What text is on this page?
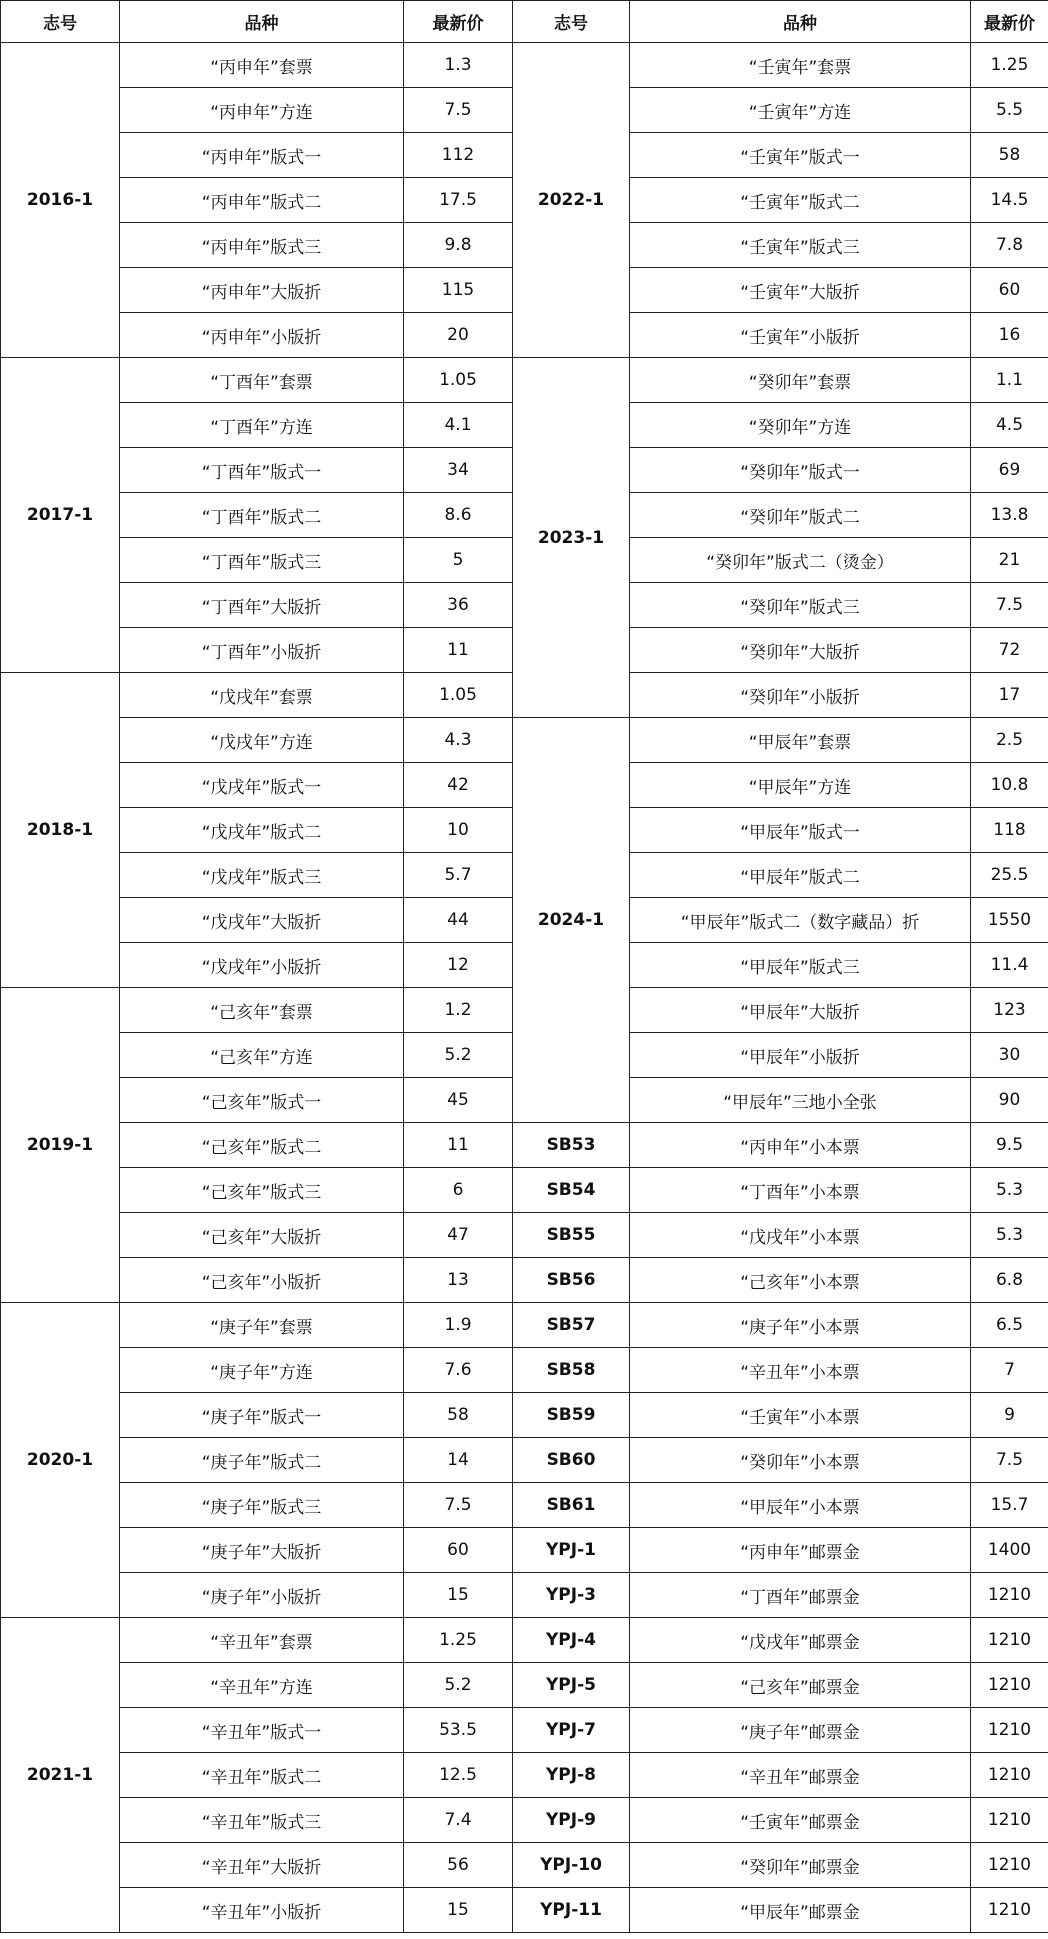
志号	品种	最新价	志号	品种	最新价
2016-1	“丙申年”套票	1.3	2022-1	“壬寅年”套票	1.25
	“丙申年”方连	7.5		“壬寅年”方连	5.5
	“丙申年”版式一	112		“壬寅年”版式一	58
	“丙申年”版式二	17.5		“壬寅年”版式二	14.5
	“丙申年”版式三	9.8		“壬寅年”版式三	7.8
	“丙申年”大版折	115		“壬寅年”大版折	60
	“丙申年”小版折	20		“壬寅年”小版折	16
2017-1	“丁酉年”套票	1.05	2023-1	“癸卯年”套票	1.1
	“丁酉年”方连	4.1		“癸卯年”方连	4.5
	“丁酉年”版式一	34		“癸卯年”版式一	69
	“丁酉年”版式二	8.6		“癸卯年”版式二	13.8
	“丁酉年”版式三	5		“癸卯年”版式二（烫金）	21
	“丁酉年”大版折	36		“癸卯年”版式三	7.5
	“丁酉年”小版折	11		“癸卯年”大版折	72
2018-1	“戊戌年”套票	1.05		“癸卯年”小版折	17
	“戊戌年”方连	4.3	2024-1	“甲辰年”套票	2.5
	“戊戌年”版式一	42		“甲辰年”方连	10.8
	“戊戌年”版式二	10		“甲辰年”版式一	118
	“戊戌年”版式三	5.7		“甲辰年”版式二	25.5
	“戊戌年”大版折	44		“甲辰年”版式二（数字藏品）折	1550
	“戊戌年”小版折	12		“甲辰年”版式三	11.4
2019-1	“己亥年”套票	1.2		“甲辰年”大版折	123
	“己亥年”方连	5.2		“甲辰年”小版折	30
	“己亥年”版式一	45		“甲辰年”三地小全张	90
	“己亥年”版式二	11	SB53	“丙申年”小本票	9.5
	“己亥年”版式三	6	SB54	“丁酉年”小本票	5.3
	“己亥年”大版折	47	SB55	“戊戌年”小本票	5.3
	“己亥年”小版折	13	SB56	“己亥年”小本票	6.8
2020-1	“庚子年”套票	1.9	SB57	“庚子年”小本票	6.5
	“庚子年”方连	7.6	SB58	“辛丑年”小本票	7
	“庚子年”版式一	58	SB59	“壬寅年”小本票	9
	“庚子年”版式二	14	SB60	“癸卯年”小本票	7.5
	“庚子年”版式三	7.5	SB61	“甲辰年”小本票	15.7
	“庚子年”大版折	60	YPJ-1	“丙申年”邮票金	1400
	“庚子年”小版折	15	YPJ-3	“丁酉年”邮票金	1210
2021-1	“辛丑年”套票	1.25	YPJ-4	“戊戌年”邮票金	1210
	“辛丑年”方连	5.2	YPJ-5	“己亥年”邮票金	1210
	“辛丑年”版式一	53.5	YPJ-7	“庚子年”邮票金	1210
	“辛丑年”版式二	12.5	YPJ-8	“辛丑年”邮票金	1210
	“辛丑年”版式三	7.4	YPJ-9	“壬寅年”邮票金	1210
	“辛丑年”大版折	56	YPJ-10	“癸卯年”邮票金	1210
	“辛丑年”小版折	15	YPJ-11	“甲辰年”邮票金	1210
